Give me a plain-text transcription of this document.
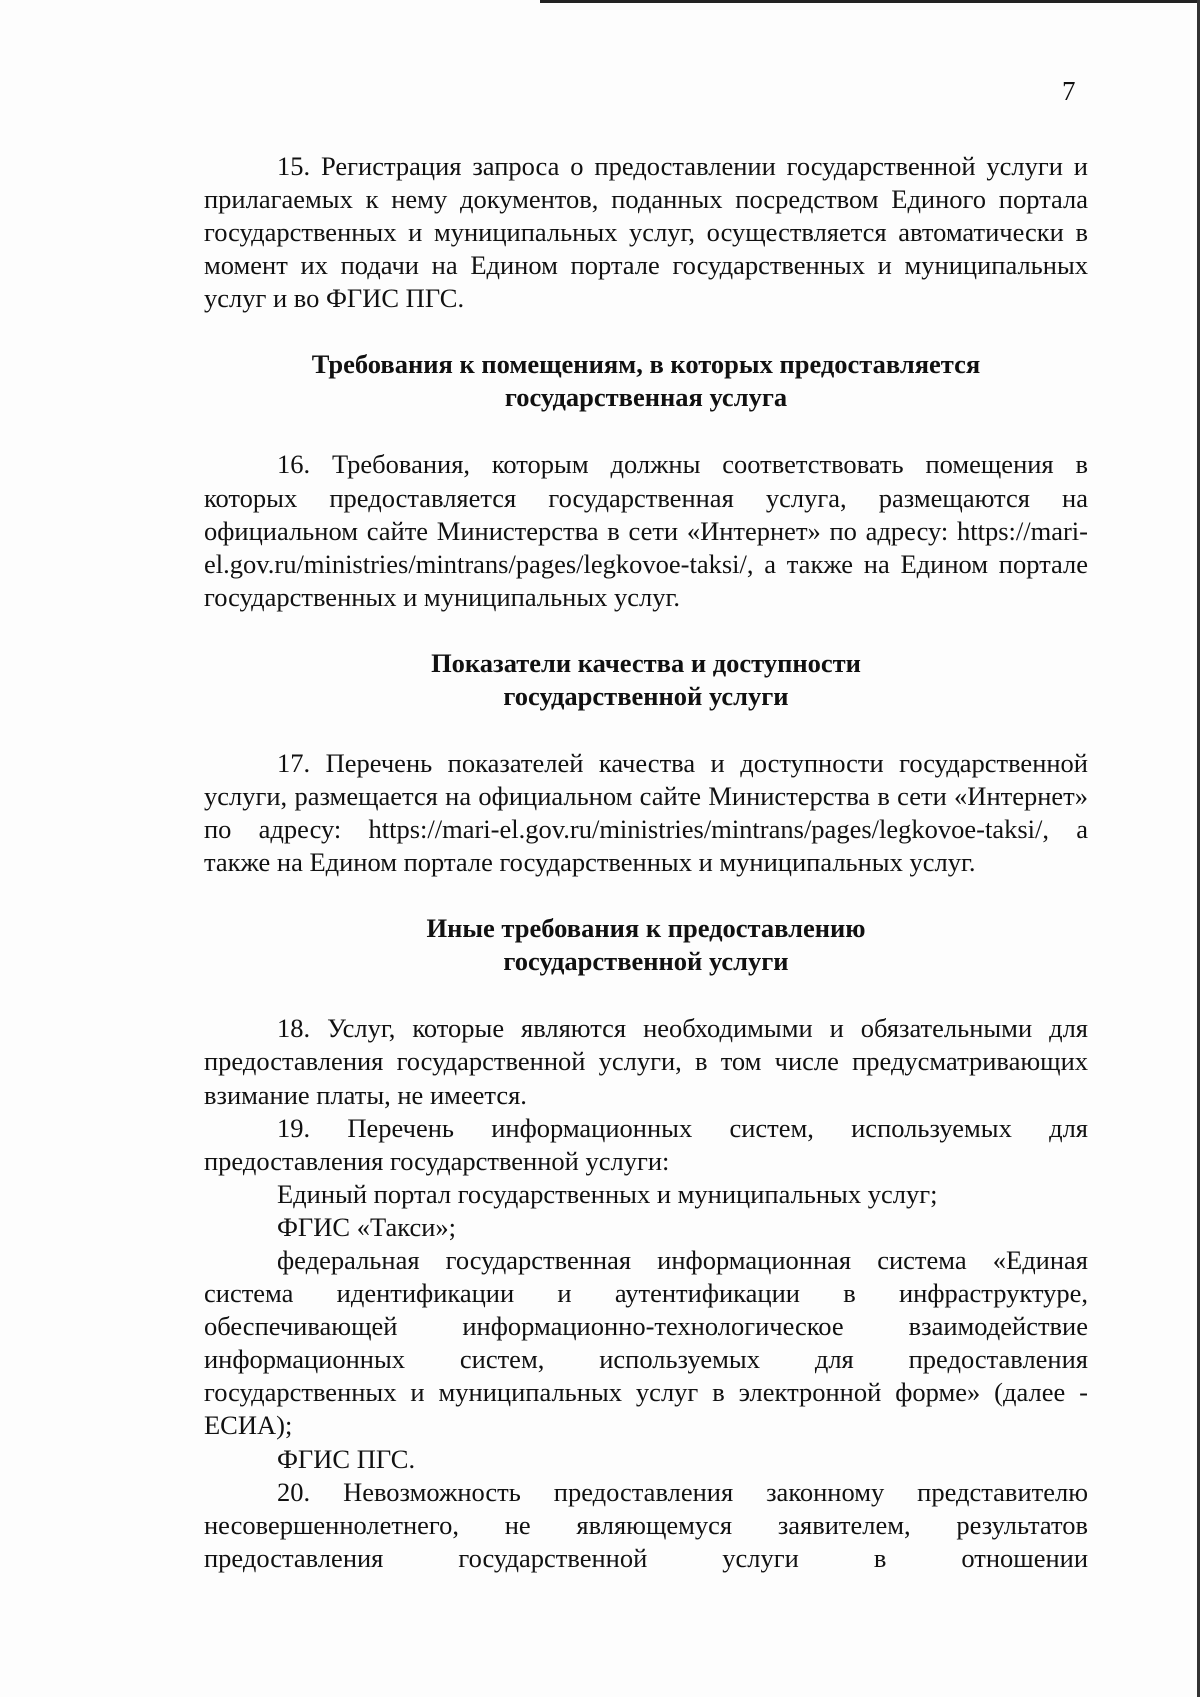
7

15. Регистрация запроса о предоставлении государственной услуги и прилагаемых к нему документов, поданных посредством Единого портала государственных и муниципальных услуг, осуществляется автоматически в момент их подачи на Едином портале государственных и муниципальных услуг и во ФГИС ПГС.

Требования к помещениям, в которых предоставляется

государственная услуга

16. Требования, которым должны соответствовать помещения в которых предоставляется государственная услуга, размещаются на официальном сайте Министерства в сети «Интернет» по адресу: https://mari-el.gov.ru/ministries/mintrans/pages/legkovoe-taksi/, а также на Едином портале государственных и муниципальных услуг.

Показатели качества и доступности

государственной услуги

17. Перечень показателей качества и доступности государственной услуги, размещается на официальном сайте Министерства в сети «Интернет» по адресу: https://mari-el.gov.ru/ministries/mintrans/pages/legkovoe-taksi/, а также на Едином портале государственных и муниципальных услуг.

Иные требования к предоставлению

государственной услуги

18. Услуг, которые являются необходимыми и обязательными для предоставления государственной услуги, в том числе предусматривающих взимание платы, не имеется.

19. Перечень информационных систем, используемых для предоставления государственной услуги:

Единый портал государственных и муниципальных услуг;

ФГИС «Такси»;

федеральная государственная информационная система «Единая система идентификации и аутентификации в инфраструктуре, обеспечивающей информационно-технологическое взаимодействие информационных систем, используемых для предоставления государственных и муниципальных услуг в электронной форме» (далее - ЕСИА);

ФГИС ПГС.

20. Невозможность предоставления законному представителю несовершеннолетнего, не являющемуся заявителем, результатов предоставления государственной услуги в отношении
